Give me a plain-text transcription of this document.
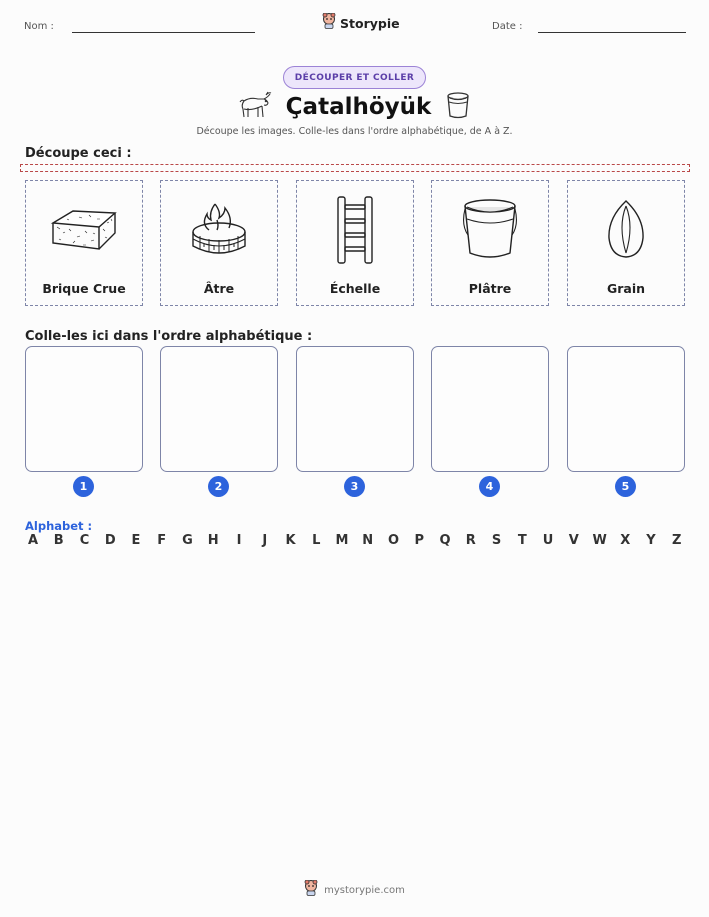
Nom :	Storypie	Date :
DÉCOUPER ET COLLER
Çatalhöyük
Découpe les images. Colle-les dans l'ordre alphabétique, de A à Z.
Découpe ceci :
Brique Crue	Âtre	Échelle	Plâtre	Grain
Colle-les ici dans l'ordre alphabétique :
1	2	3	4	5
Alphabet :
A B C D E F G H	I	J	K L M N O P Q R S T U V W X Y Z
mystorypie.com
